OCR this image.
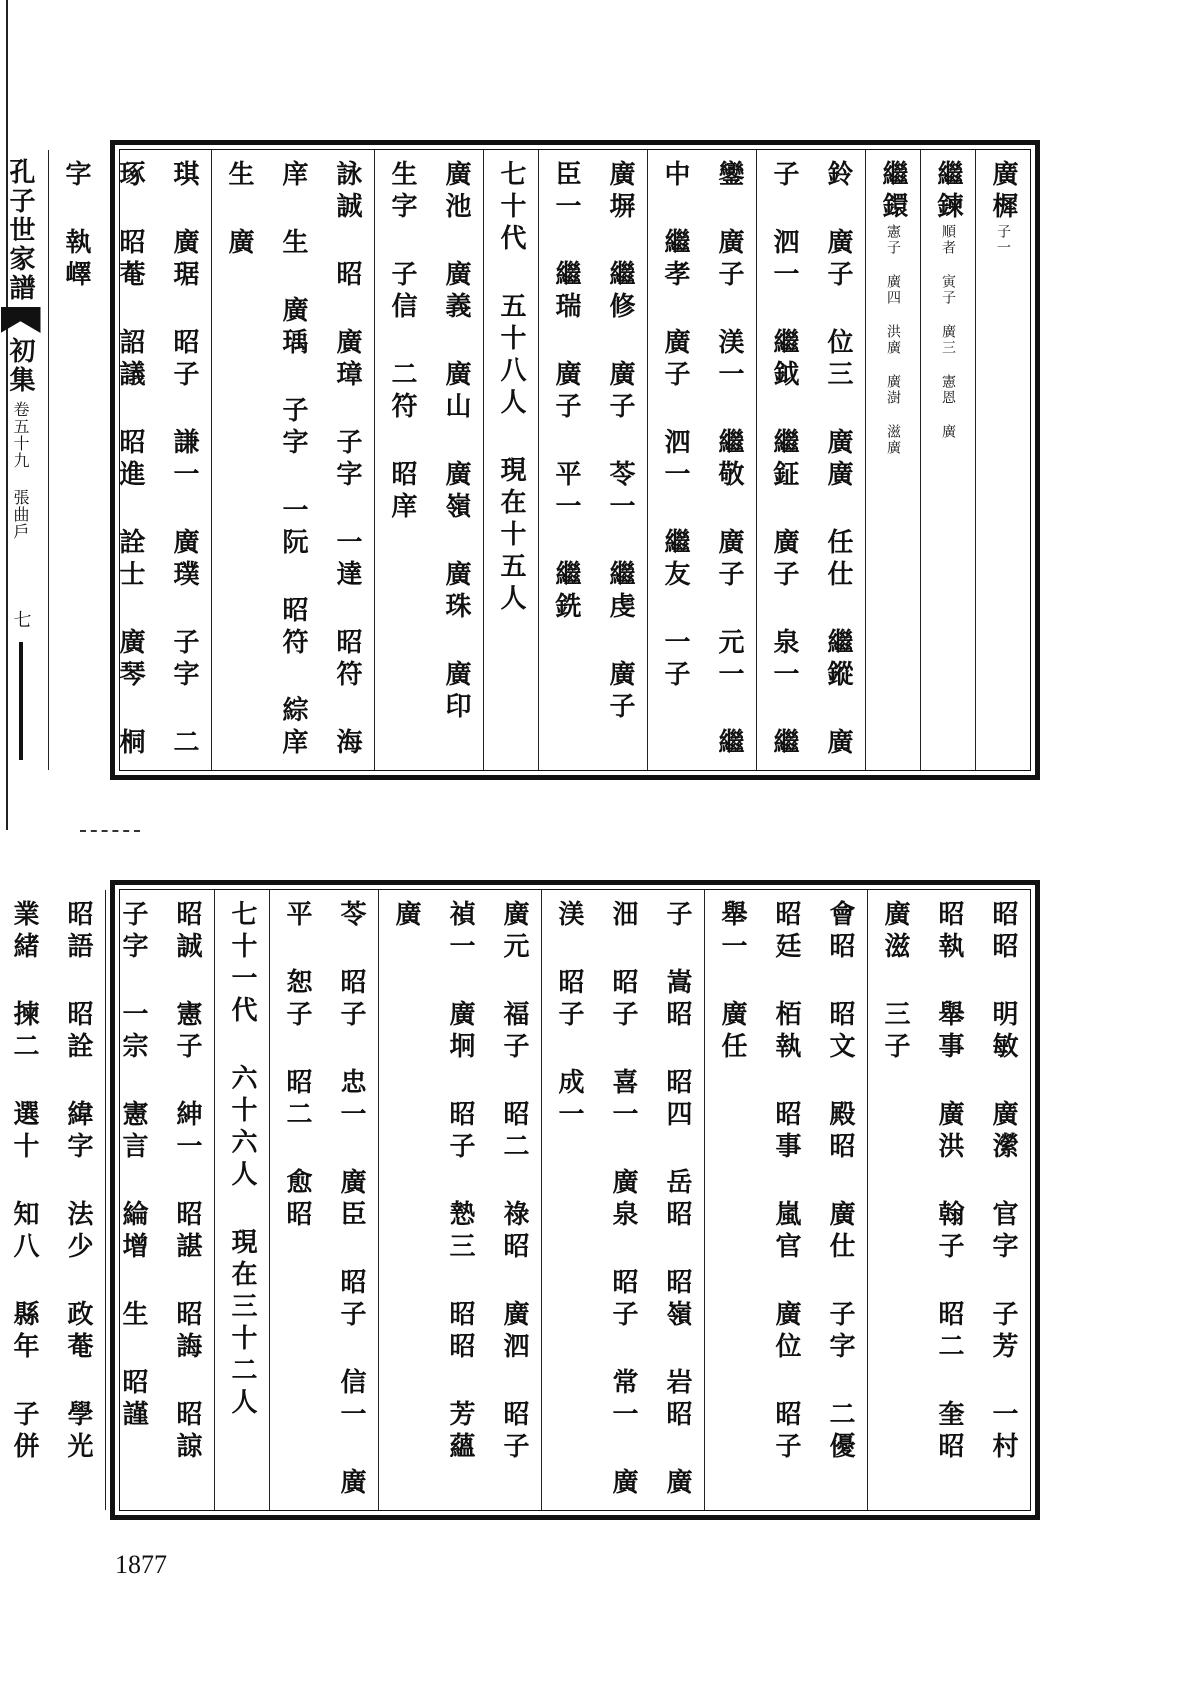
廣樨子一
繼鍊順者 寅子 廣三 憲恩 廣
繼鐶憲子 廣四 洪廣 廣澍 滋廣
鈴 廣子 位三 廣廣 任仕 繼鏦 廣子 泗一 繼鉞 繼鉦 廣子 泉一 繼
鑾 廣子 渼一 繼敬 廣子 元一 繼中 繼孝 廣子 泗一 繼友 一子
廣塀 繼修 廣子 苓一 繼虔 廣子 臣一 繼瑞 廣子 平一 繼銑
七十代 五十八人 現在十五人
廣池 廣義 廣山 廣嶺 廣珠 廣印 生字 子信 二符 昭庠
詠誠 昭 廣璋 子字 一達 昭符 海庠 生 廣瑀 子字 一阮 昭符 綜庠 生 廣
琪 廣琚 昭子 謙一 廣璞 子字 二琢 昭菴 詔議 昭進 詮士 廣琴 桐字 執嶧
孔子世家譜
初集
卷五十九 張曲戶
七
昭昭 明敏 廣瀠 官字 子芳 一村 昭執 舉事 廣洪 翰子 昭二 奎昭 廣滋 三子
會昭 昭文 殿昭 廣仕 子字 二優 昭廷 栢執 昭事 嵐官 廣位 昭子 舉一 廣任
子 嵩昭 昭四 岳昭 昭嶺 岩昭 廣沺 昭子 喜一 廣泉 昭子 常一 廣渼 昭子 成一
廣元 福子 昭二 祿昭 廣泗 昭子 禎一 廣坰 昭子 慹三 昭昭 芳蘊 廣
苓 昭子 忠一 廣臣 昭子 信一 廣平 恕子 昭二 愈昭
七十一代 六十六人 現在三十二人
昭誠 憲子 紳一 昭諶 昭誨 昭諒 子字 一宗 憲言 綸增 生 昭謹
昭語 昭詮 緯字 法少 政菴 學光 業緒 揀二 選十 知八 縣年 子併
1877
